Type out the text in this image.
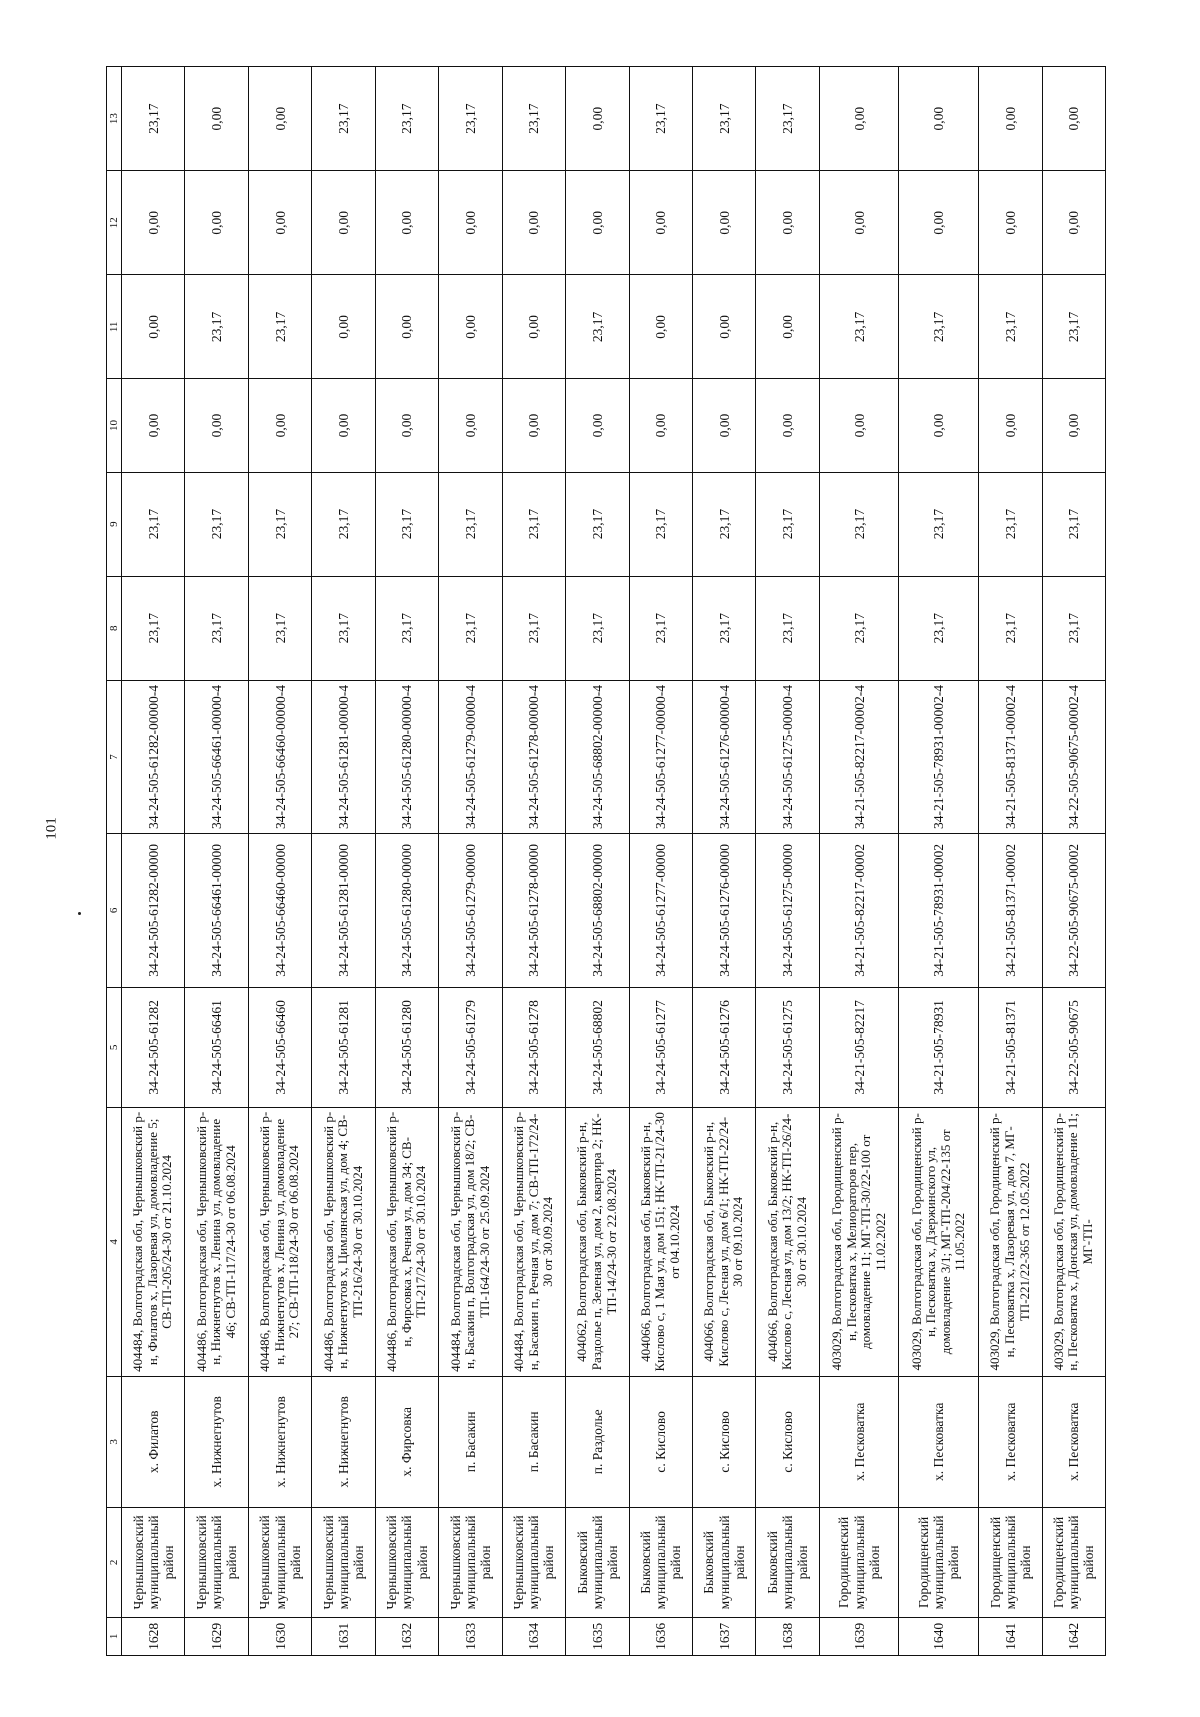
101
1	2	3	4	5	6	7	8	9	10	11	12	13
1628	Чернышковский муниципальный район	х. Филатов	404484, Волгоградская обл, Чернышковский р-н, Филатов х, Лазоревая ул, домовладение 5; СВ-ТП-205/24-30 от 21.10.2024	34-24-505-61282	34-24-505-61282-00000	34-24-505-61282-00000-4	23,17	23,17	0,00	0,00	0,00	23,17
1629	Чернышковский муниципальный район	х. Нижнегнутов	404486, Волгоградская обл, Чернышковский р-н, Нижнегнутов х, Ленина ул, домовладение 46; СВ-ТП-117/24-30 от 06.08.2024	34-24-505-66461	34-24-505-66461-00000	34-24-505-66461-00000-4	23,17	23,17	0,00	23,17	0,00	0,00
1630	Чернышковский муниципальный район	х. Нижнегнутов	404486, Волгоградская обл, Чернышковский р-н, Нижнегнутов х, Ленина ул, домовладение 27; СВ-ТП-118/24-30 от 06.08.2024	34-24-505-66460	34-24-505-66460-00000	34-24-505-66460-00000-4	23,17	23,17	0,00	23,17	0,00	0,00
1631	Чернышковский муниципальный район	х. Нижнегнутов	404486, Волгоградская обл, Чернышковский р-н, Нижнегнутов х, Цимлянская ул, дом 4; СВ-ТП-216/24-30 от 30.10.2024	34-24-505-61281	34-24-505-61281-00000	34-24-505-61281-00000-4	23,17	23,17	0,00	0,00	0,00	23,17
1632	Чернышковский муниципальный район	х. Фирсовка	404486, Волгоградская обл, Чернышковский р-н, Фирсовка х, Речная ул, дом 34; СВ-ТП-217/24-30 от 30.10.2024	34-24-505-61280	34-24-505-61280-00000	34-24-505-61280-00000-4	23,17	23,17	0,00	0,00	0,00	23,17
1633	Чернышковский муниципальный район	п. Басакин	404484, Волгоградская обл, Чернышковский р-н, Басакин п, Волгоградская ул, дом 18/2; СВ-ТП-164/24-30 от 25.09.2024	34-24-505-61279	34-24-505-61279-00000	34-24-505-61279-00000-4	23,17	23,17	0,00	0,00	0,00	23,17
1634	Чернышковский муниципальный район	п. Басакин	404484, Волгоградская обл, Чернышковский р-н, Басакин п, Речная ул, дом 7; СВ-ТП-172/24-30 от 30.09.2024	34-24-505-61278	34-24-505-61278-00000	34-24-505-61278-00000-4	23,17	23,17	0,00	0,00	0,00	23,17
1635	Быковский муниципальный район	п. Раздолье	404062, Волгоградская обл, Быковский р-н, Раздолье п, Зеленая ул, дом 2, квартира 2; НК-ТП-14/24-30 от 22.08.2024	34-24-505-68802	34-24-505-68802-00000	34-24-505-68802-00000-4	23,17	23,17	0,00	23,17	0,00	0,00
1636	Быковский муниципальный район	с. Кислово	404066, Волгоградская обл, Быковский р-н, Кислово с, 1 Мая ул, дом 151; НК-ТП-21/24-30 от 04.10.2024	34-24-505-61277	34-24-505-61277-00000	34-24-505-61277-00000-4	23,17	23,17	0,00	0,00	0,00	23,17
1637	Быковский муниципальный район	с. Кислово	404066, Волгоградская обл, Быковский р-н, Кислово с, Лесная ул, дом 6/1; НК-ТП-22/24-30 от 09.10.2024	34-24-505-61276	34-24-505-61276-00000	34-24-505-61276-00000-4	23,17	23,17	0,00	0,00	0,00	23,17
1638	Быковский муниципальный район	с. Кислово	404066, Волгоградская обл, Быковский р-н, Кислово с, Лесная ул, дом 13/2; НК-ТП-26/24-30 от 30.10.2024	34-24-505-61275	34-24-505-61275-00000	34-24-505-61275-00000-4	23,17	23,17	0,00	0,00	0,00	23,17
1639	Городищенский муниципальный район	х. Песковатка	403029, Волгоградская обл, Городищенский р-н, Песковатка х, Мелиораторов пер, домовладение 11; МГ-ТП-30/22-100 от 11.02.2022	34-21-505-82217	34-21-505-82217-00002	34-21-505-82217-00002-4	23,17	23,17	0,00	23,17	0,00	0,00
1640	Городищенский муниципальный район	х. Песковатка	403029, Волгоградская обл, Городищенский р-н, Песковатка х, Дзержинского ул, домовладение 3/1; МГ-ТП-204/22-135 от 11.05.2022	34-21-505-78931	34-21-505-78931-00002	34-21-505-78931-00002-4	23,17	23,17	0,00	23,17	0,00	0,00
1641	Городищенский муниципальный район	х. Песковатка	403029, Волгоградская обл, Городищенский р-н, Песковатка х, Лазоревая ул, дом 7, МГ-ТП-221/22-365 от 12.05.2022	34-21-505-81371	34-21-505-81371-00002	34-21-505-81371-00002-4	23,17	23,17	0,00	23,17	0,00	0,00
1642	Городищенский муниципальный район	х. Песковатка	403029, Волгоградская обл, Городищенский р-н, Песковатка х, Донская ул, домовладение 11; МГ-ТП-	34-22-505-90675	34-22-505-90675-00002	34-22-505-90675-00002-4	23,17	23,17	0,00	23,17	0,00	0,00
